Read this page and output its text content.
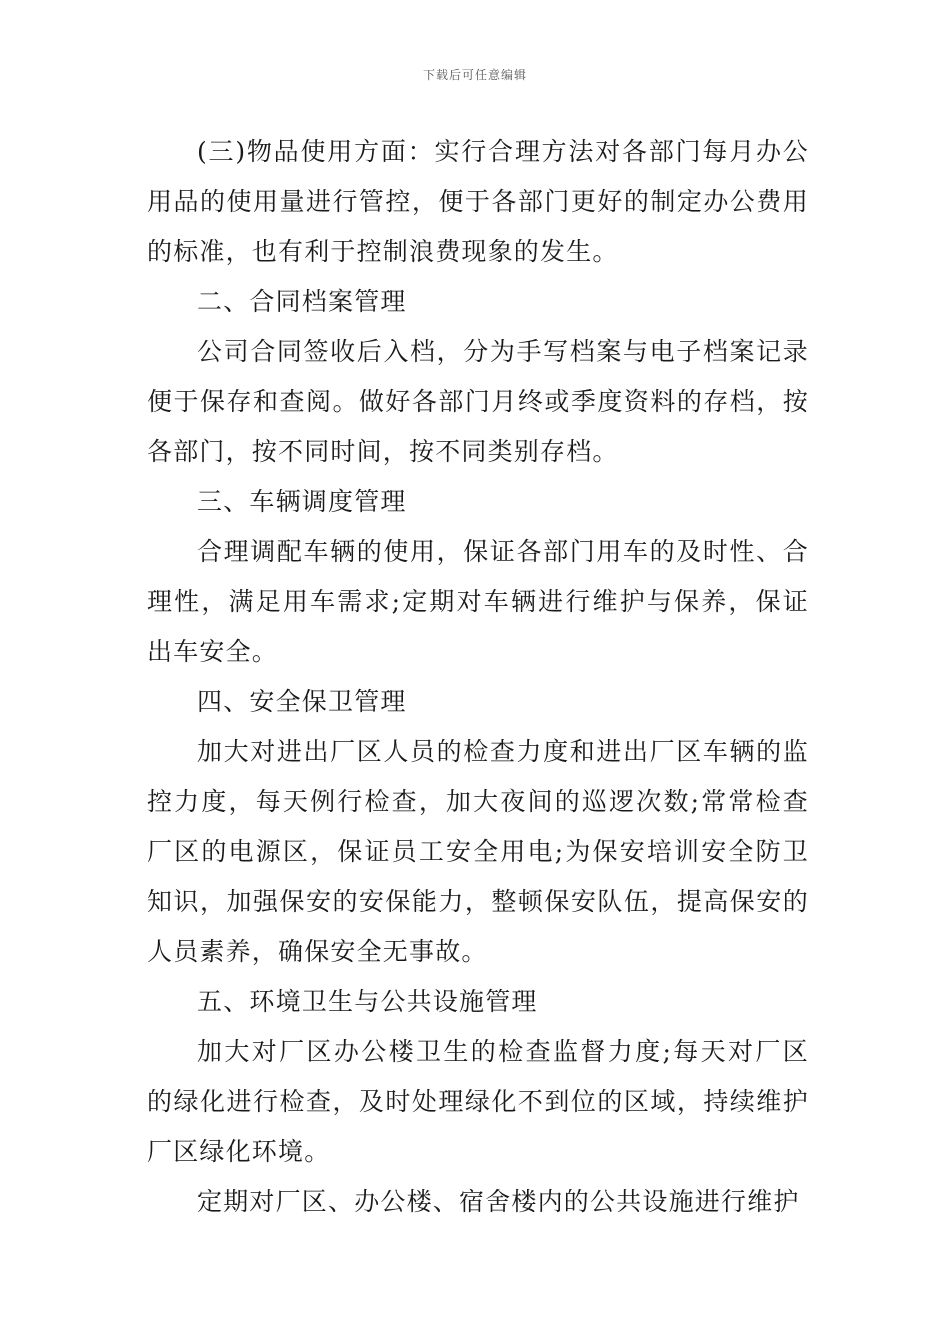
下载后可任意编辑

(三)物品使用方面：实行合理方法对各部门每月办公用品的使用量进行管控，便于各部门更好的制定办公费用的标准，也有利于控制浪费现象的发生。

二、合同档案管理

公司合同签收后入档，分为手写档案与电子档案记录便于保存和查阅。做好各部门月终或季度资料的存档，按各部门，按不同时间，按不同类别存档。

三、车辆调度管理

合理调配车辆的使用，保证各部门用车的及时性、合理性，满足用车需求;定期对车辆进行维护与保养，保证出车安全。

四、安全保卫管理

加大对进出厂区人员的检查力度和进出厂区车辆的监控力度，每天例行检查，加大夜间的巡逻次数;常常检查厂区的电源区，保证员工安全用电;为保安培训安全防卫知识，加强保安的安保能力，整顿保安队伍，提高保安的人员素养，确保安全无事故。

五、环境卫生与公共设施管理

加大对厂区办公楼卫生的检查监督力度;每天对厂区的绿化进行检查，及时处理绿化不到位的区域，持续维护厂区绿化环境。

定期对厂区、办公楼、宿舍楼内的公共设施进行维护
